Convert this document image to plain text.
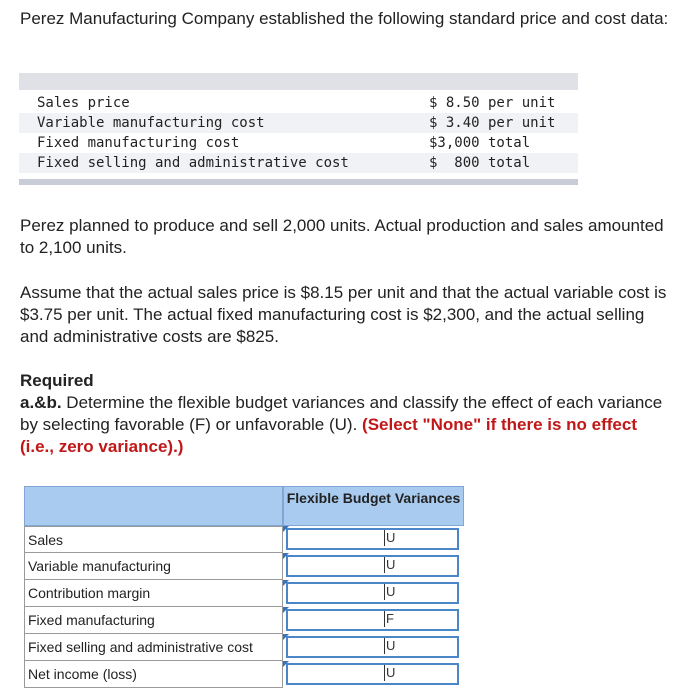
Perez Manufacturing Company established the following standard price and cost data:

Sales price	$ 8.50 per unit
Variable manufacturing cost	$ 3.40 per unit
Fixed manufacturing cost	$3,000 total
Fixed selling and administrative cost	$  800 total

Perez planned to produce and sell 2,000 units. Actual production and sales amounted to 2,100 units.

Assume that the actual sales price is $8.15 per unit and that the actual variable cost is $3.75 per unit. The actual fixed manufacturing cost is $2,300, and the actual selling and administrative costs are $825.

Required
a.&b. Determine the flexible budget variances and classify the effect of each variance by selecting favorable (F) or unfavorable (U). (Select "None" if there is no effect (i.e., zero variance).)

Flexible Budget Variances
Sales	U
Variable manufacturing	U
Contribution margin	U
Fixed manufacturing	F
Fixed selling and administrative cost	U
Net income (loss)	U
